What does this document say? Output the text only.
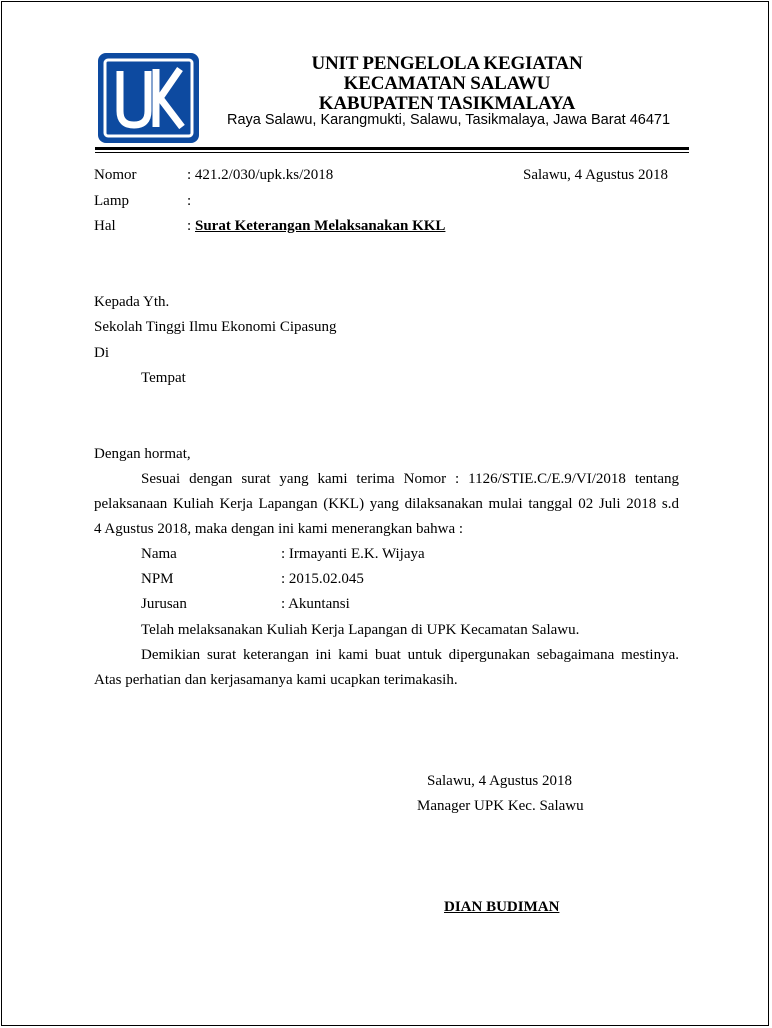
UNIT PENGELOLA KEGIATAN
KECAMATAN SALAWU
KABUPATEN TASIKMALAYA
Raya Salawu, Karangmukti, Salawu, Tasikmalaya, Jawa Barat 46471
Nomor	: 421.2/030/upk.ks/2018	Salawu, 4 Agustus 2018
Lamp	:
Hal	: Surat Keterangan Melaksanakan KKL
Kepada Yth.
Sekolah Tinggi Ilmu Ekonomi Cipasung
Di
Tempat
Dengan hormat,
Sesuai dengan surat yang kami terima Nomor : 1126/STIE.C/E.9/VI/2018 tentang
pelaksanaan Kuliah Kerja Lapangan (KKL) yang dilaksanakan mulai tanggal 02 Juli 2018 s.d
4 Agustus 2018, maka dengan ini kami menerangkan bahwa :
Nama	: Irmayanti E.K. Wijaya
NPM	: 2015.02.045
Jurusan	: Akuntansi
Telah melaksanakan Kuliah Kerja Lapangan di UPK Kecamatan Salawu.
Demikian surat keterangan ini kami buat untuk dipergunakan sebagaimana mestinya.
Atas perhatian dan kerjasamanya kami ucapkan terimakasih.
Salawu, 4 Agustus 2018
Manager UPK Kec. Salawu
DIAN BUDIMAN
